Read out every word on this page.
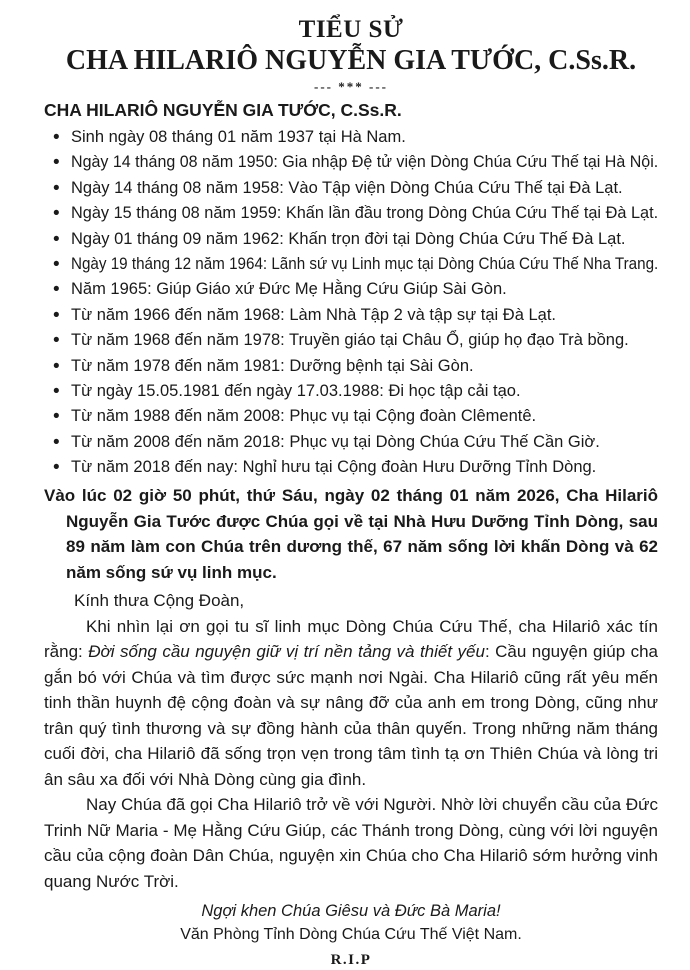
TIỂU SỬ
CHA HILARIÔ NGUYỄN GIA TƯỚC, C.Ss.R.
--- *** ---
CHA HILARIÔ NGUYỄN GIA TƯỚC, C.Ss.R.
• Sinh ngày 08 tháng 01 năm 1937 tại Hà Nam.
• Ngày 14 tháng 08 năm 1950: Gia nhập Đệ tử viện Dòng Chúa Cứu Thế tại Hà Nội.
• Ngày 14 tháng 08 năm 1958: Vào Tập viện Dòng Chúa Cứu Thế tại Đà Lạt.
• Ngày 15 tháng 08 năm 1959: Khấn lần đầu trong Dòng Chúa Cứu Thế tại Đà Lạt.
• Ngày 01 tháng 09 năm 1962: Khấn trọn đời tại Dòng Chúa Cứu Thế Đà Lạt.
• Ngày 19 tháng 12 năm 1964: Lãnh sứ vụ Linh mục tại Dòng Chúa Cứu Thế Nha Trang.
• Năm 1965: Giúp Giáo xứ Đức Mẹ Hằng Cứu Giúp Sài Gòn.
• Từ năm 1966 đến năm 1968: Làm Nhà Tập 2 và tập sự tại Đà Lạt.
• Từ năm 1968 đến năm 1978: Truyền giáo tại Châu Ổ, giúp họ đạo Trà bồng.
• Từ năm 1978 đến năm 1981: Dưỡng bệnh tại Sài Gòn.
• Từ ngày 15.05.1981 đến ngày 17.03.1988: Đi học tập cải tạo.
• Từ năm 1988 đến năm 2008: Phục vụ tại Cộng đoàn Clêmentê.
• Từ năm 2008 đến năm 2018: Phục vụ tại Dòng Chúa Cứu Thế Cần Giờ.
• Từ năm 2018 đến nay: Nghỉ hưu tại Cộng đoàn Hưu Dưỡng Tỉnh Dòng.

Vào lúc 02 giờ 50 phút, thứ Sáu, ngày 02 tháng 01 năm 2026, Cha Hilariô Nguyễn Gia Tước được Chúa gọi về tại Nhà Hưu Dưỡng Tỉnh Dòng, sau 89 năm làm con Chúa trên dương thế, 67 năm sống lời khấn Dòng và 62 năm sống sứ vụ linh mục.

Kính thưa Cộng Đoàn,

Khi nhìn lại ơn gọi tu sĩ linh mục Dòng Chúa Cứu Thế, cha Hilariô xác tín rằng: Đời sống cầu nguyện giữ vị trí nền tảng và thiết yếu: Cầu nguyện giúp cha gắn bó với Chúa và tìm được sức mạnh nơi Ngài. Cha Hilariô cũng rất yêu mến tinh thần huynh đệ cộng đoàn và sự nâng đỡ của anh em trong Dòng, cũng như trân quý tình thương và sự đồng hành của thân quyến. Trong những năm tháng cuối đời, cha Hilariô đã sống trọn vẹn trong tâm tình tạ ơn Thiên Chúa và lòng tri ân sâu xa đối với Nhà Dòng cùng gia đình.

Nay Chúa đã gọi Cha Hilariô trở về với Người. Nhờ lời chuyển cầu của Đức Trinh Nữ Maria - Mẹ Hằng Cứu Giúp, các Thánh trong Dòng, cùng với lời nguyện cầu của cộng đoàn Dân Chúa, nguyện xin Chúa cho Cha Hilariô sớm hưởng vinh quang Nước Trời.

Ngợi khen Chúa Giêsu và Đức Bà Maria!
Văn Phòng Tỉnh Dòng Chúa Cứu Thế Việt Nam.
R.I.P
